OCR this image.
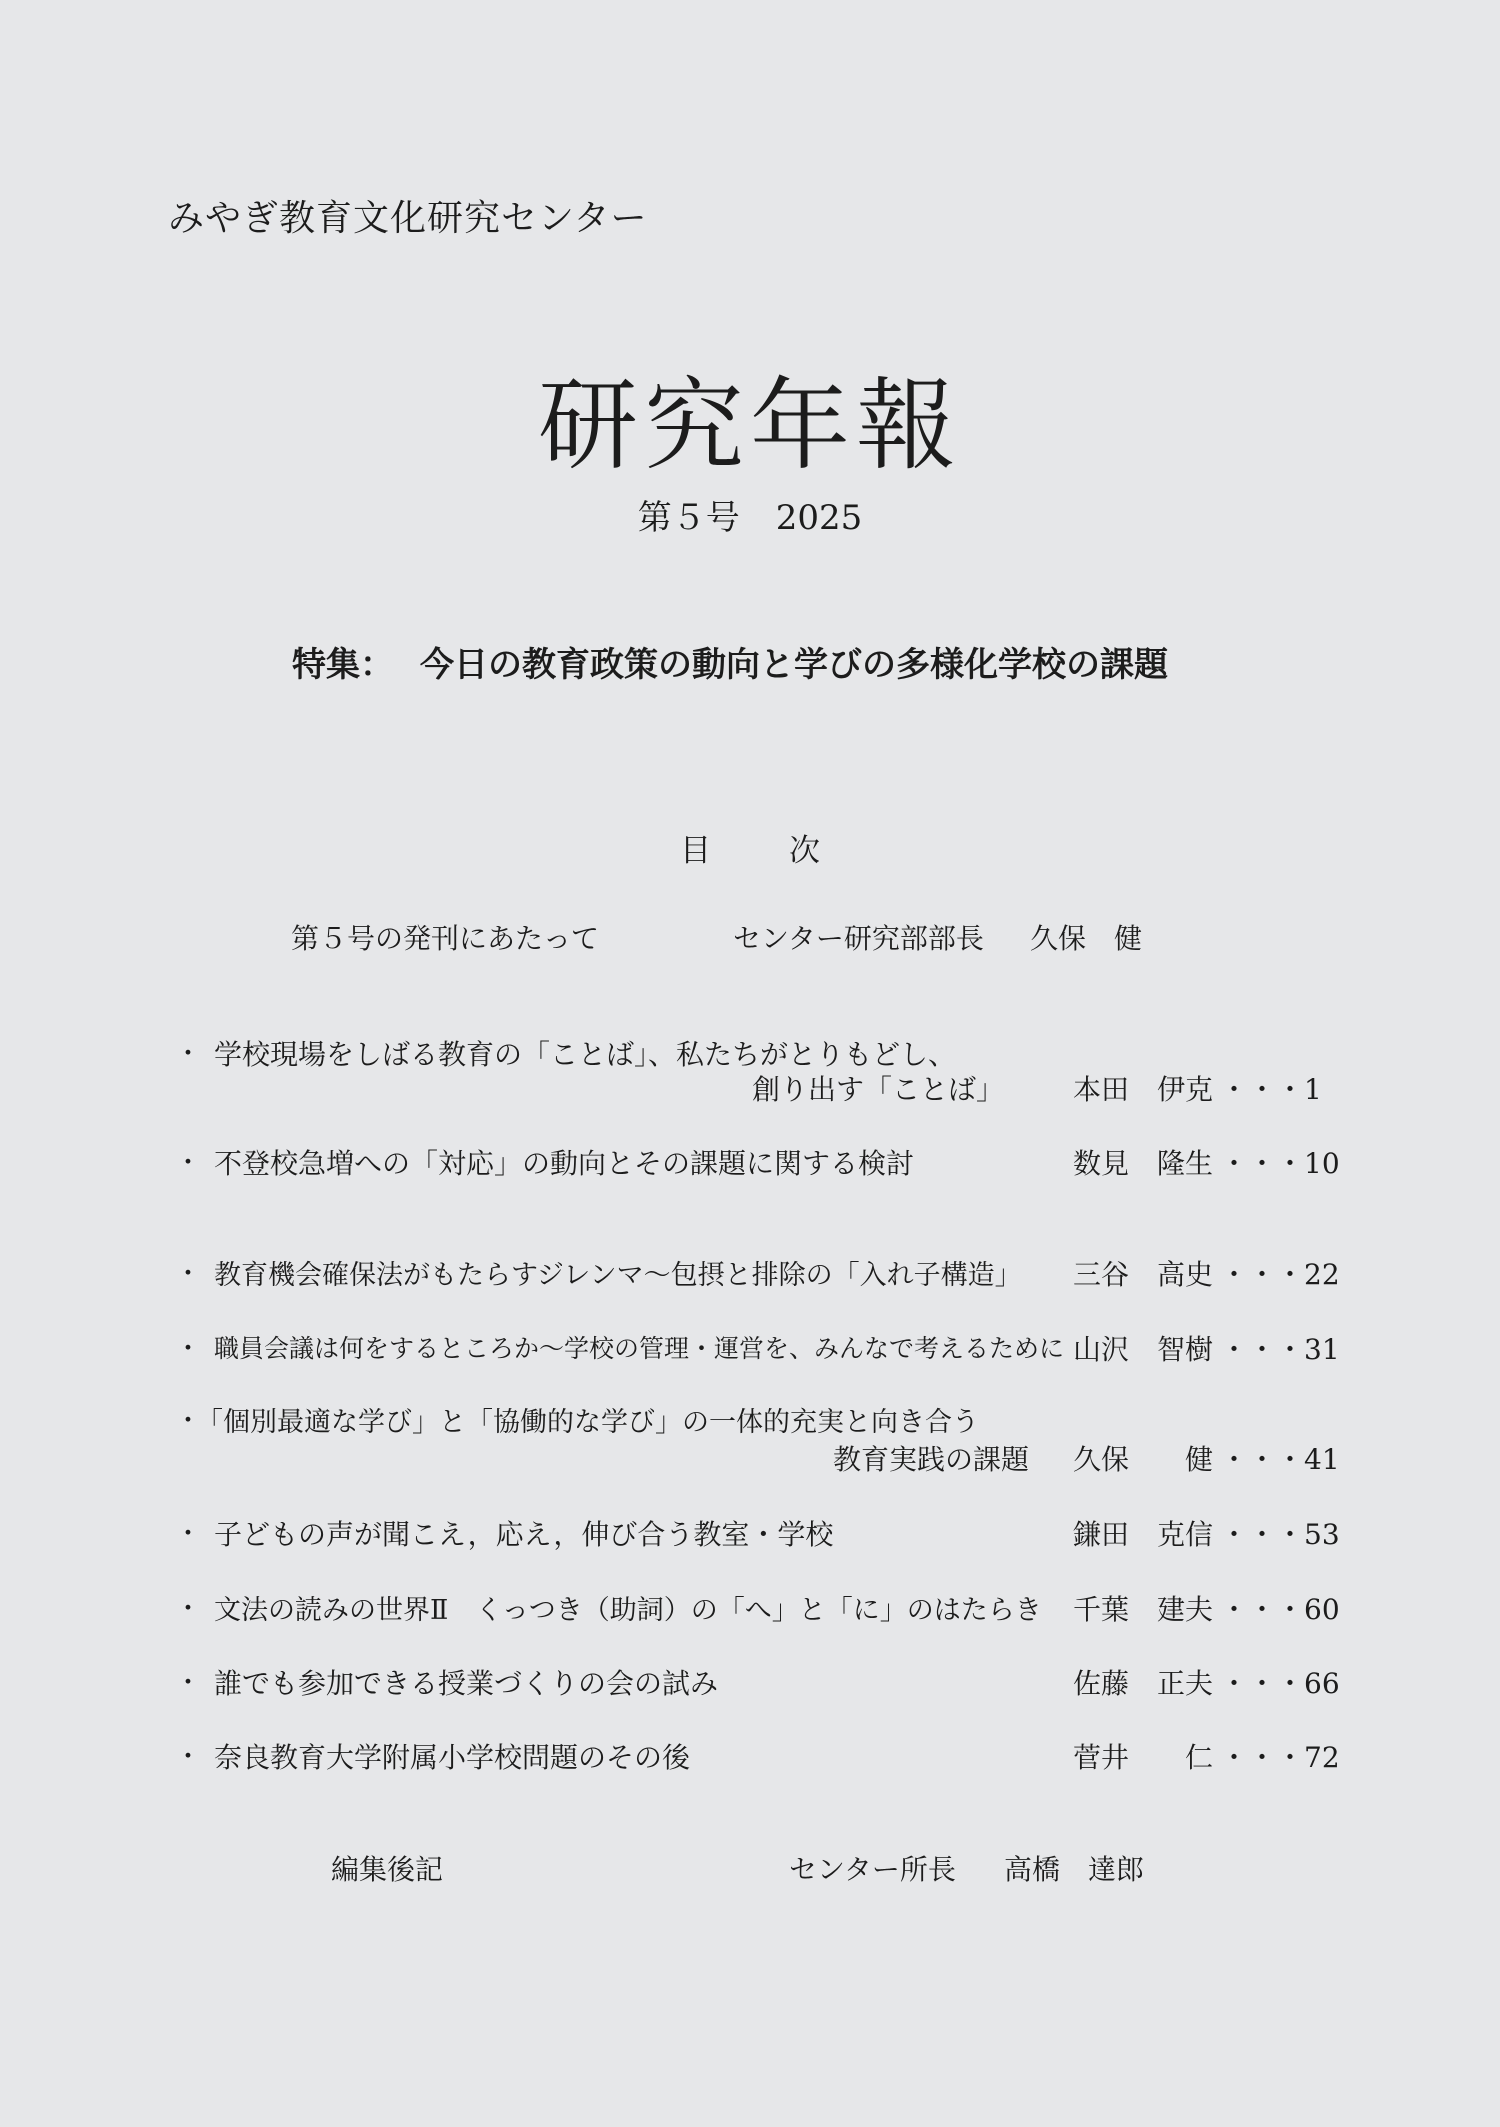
みやぎ教育文化研究センター
研究年報
第５号 2025
特集： 今日の教育政策の動向と学びの多様化学校の課題
目次
第５号の発刊にあたって	センター研究部部長 久保　健
・ 学校現場をしばる教育の「ことば」、私たちがとりもどし、
創り出す「ことば」 本田　伊克 ・・・1
・ 不登校急増への「対応」の動向とその課題に関する検討	数見　隆生 ・・・10
・ 教育機会確保法がもたらすジレンマ～包摂と排除の「入れ子構造」 三谷　高史 ・・・22
・ 職員会議は何をするところか～学校の管理・運営を、みんなで考えるために 山沢　智樹 ・・・31
・
「個別最適な学び」と「協働的な学び」の一体的充実と向き合う
教育実践の課題 久保　　健 ・・・41
・ 子どもの声が聞こえ，応え，伸び合う教室・学校	鎌田　克信 ・・・53
・ 文法の読みの世界Ⅱ　くっつき（助詞）の「へ」と「に」のはたらき 千葉　建夫 ・・・60
・ 誰でも参加できる授業づくりの会の試み	佐藤　正夫 ・・・66
・ 奈良教育大学附属小学校問題のその後	菅井　　仁 ・・・72
編集後記	センター所長 高橋　達郎
